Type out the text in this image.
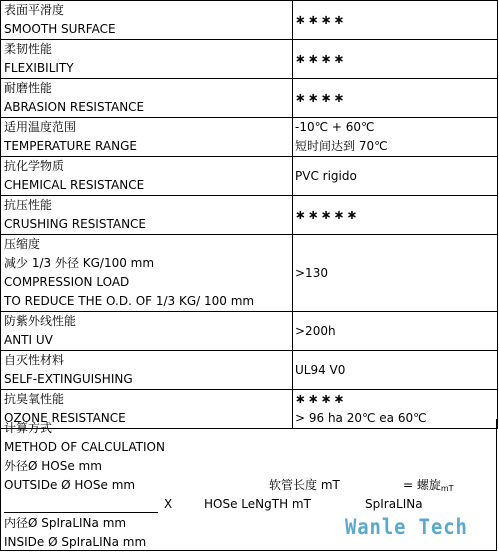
表面平滑度
SMOOTH SURFACE	∗∗∗∗

柔韧性能
FLEXIBILITY	∗∗∗∗

耐磨性能
ABRASION RESISTANCE	∗∗∗∗

适用温度范围
TEMPERATURE RANGE	-10℃ + 60℃
短时间达到 70℃

抗化学物质
CHEMICAL RESISTANCE	PVC rigido

抗压性能
CRUSHING RESISTANCE	∗∗∗∗∗

压缩度
减少 1/3 外径 KG/100 mm
COMPRESSION LOAD
TO REDUCE THE O.D. OF 1/3 KG/ 100 mm	>130

防紫外线性能
ANTI UV	>200h

自灭性材料
SELF-EXTINGUISHING	UL94 V0

抗臭氧性能
OZONE RESISTANCE	∗∗∗∗
> 96 ha 20℃ ea 60℃
计算方式
METHOD OF CALCULATION
外径Ø HOSe mm
OUTSIDe Ø HOSe mm	软管长度 mT	= 螺旋$_{mT}$
X	HOSe LeNgTH mT	SpIraLINa
内径Ø SpIraLINa mm
INSIDe Ø SpIraLINa mm
Wanle Tech
